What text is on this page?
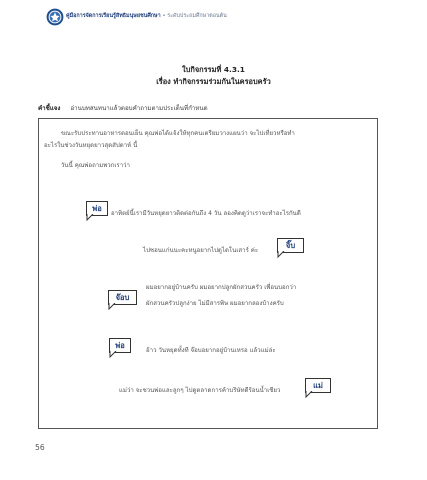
คู่มือการจัดการเรียนรู้สิทธิมนุษยชนศึกษา • ระดับประถมศึกษาตอนต้น
ใบกิจกรรมที่ 4.3.1
เรื่อง ทำกิจกรรมร่วมกันในครอบครัว
คำชี้แจง อ่านบทสนทนาแล้วตอบคำถามตามประเด็นที่กำหนด
ขณะรับประทานอาหารตอนเย็น คุณพ่อได้แจ้งให้ทุกคนเตรียมวางแผนว่า จะไปเที่ยวหรือทำ
อะไรในช่วงวันหยุดยาวสุดสัปดาห์ นี้
วันนี้ คุณพ่อถามพวกเราว่า
พ่อ
อาทิตย์นี้เรามีวันหยุดยาวติดต่อกันถึง 4 วัน ลองคิดดูว่าเราจะทำอะไรกันดี
ไปซอนแก่นนะคะหนูอยากไปดูไดโนเสาร์ ค่ะ
จิ๊บ
จ๊อบ
ผมอยากอยู่บ้านครับ ผมอยากปลูกผักสวนครัว เพื่อนบอกว่า
ผักสวนครัวปลูกง่าย ไม่มีสารพิษ ผมอยากลองบ้างครับ
พ่อ
อ้าว วันหยุดทั้งที จ๊อบอยากอยู่บ้านเหรอ แล้วแม่ล่ะ
แม่ว่า จะชวนพ่อและลูกๆ ไปดูตลาดการค้าบริษัทดีร้อนน้ำเชียว
แม่
56
